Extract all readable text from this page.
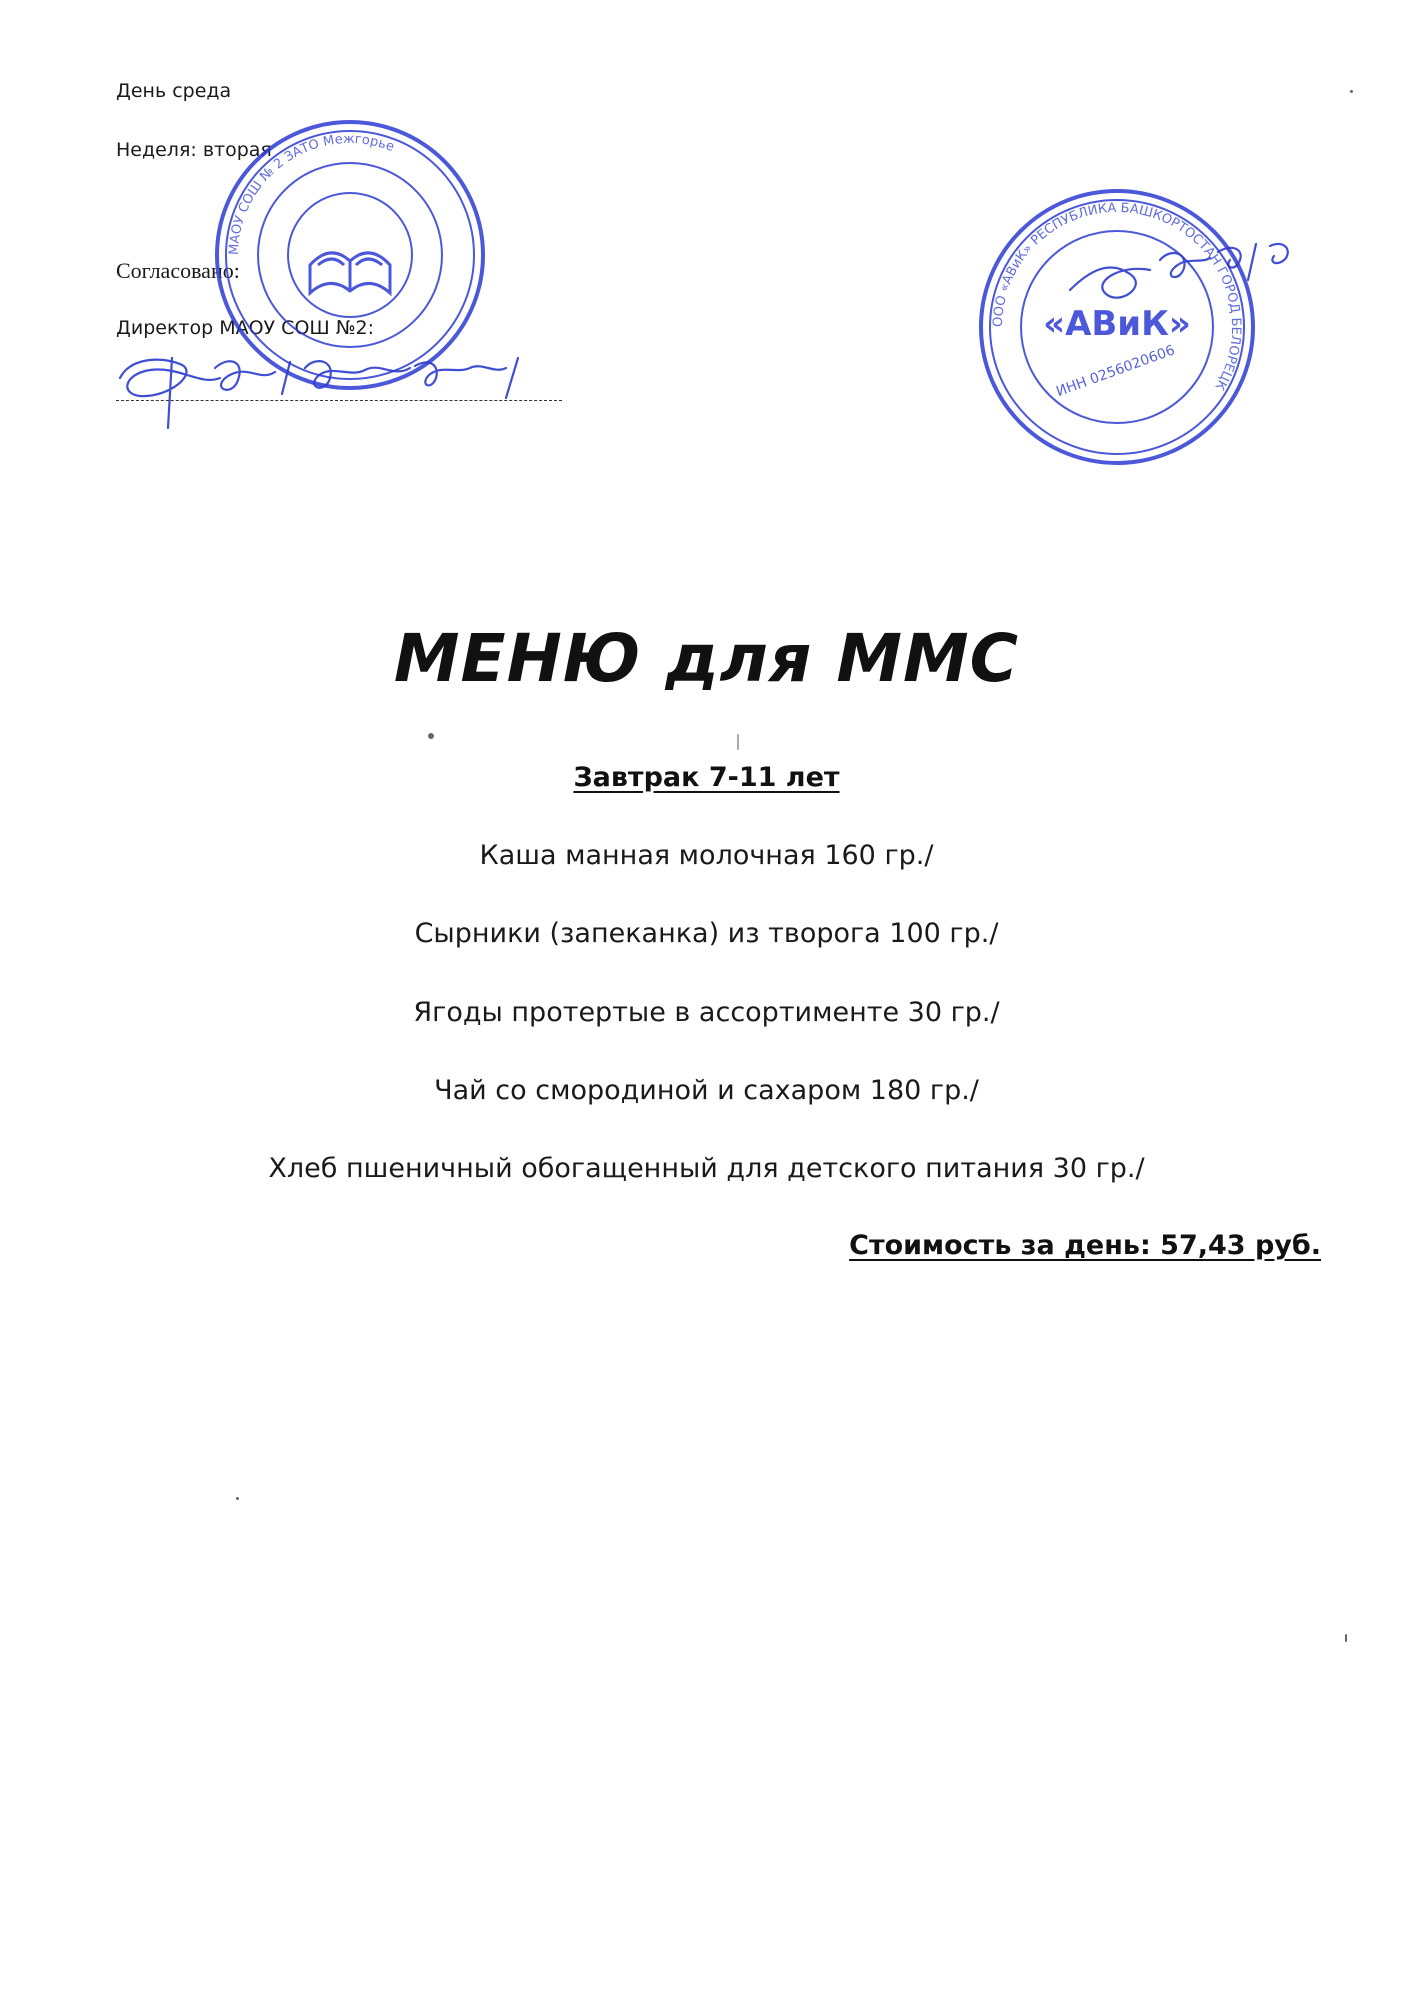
День среда
Неделя: вторая
Согласовано:
Директор МАОУ СОШ №2:
МАОУ СОШ № 2 ЗАТО Межгорье
ООО «АВиК» РЕСПУБЛИКА БАШКОРТОСТАН ГОРОД БЕЛОРЕЦК
«АВиК»
ИНН 0256020606
МЕНЮ для ММС
Завтрак 7-11 лет
Каша манная молочная 160 гр./
Сырники (запеканка) из творога 100 гр./
Ягоды протертые в ассортименте 30 гр./
Чай со смородиной и сахаром 180 гр./
Хлеб пшеничный обогащенный для детского питания 30 гр./
Стоимость за день: 57,43 руб.
